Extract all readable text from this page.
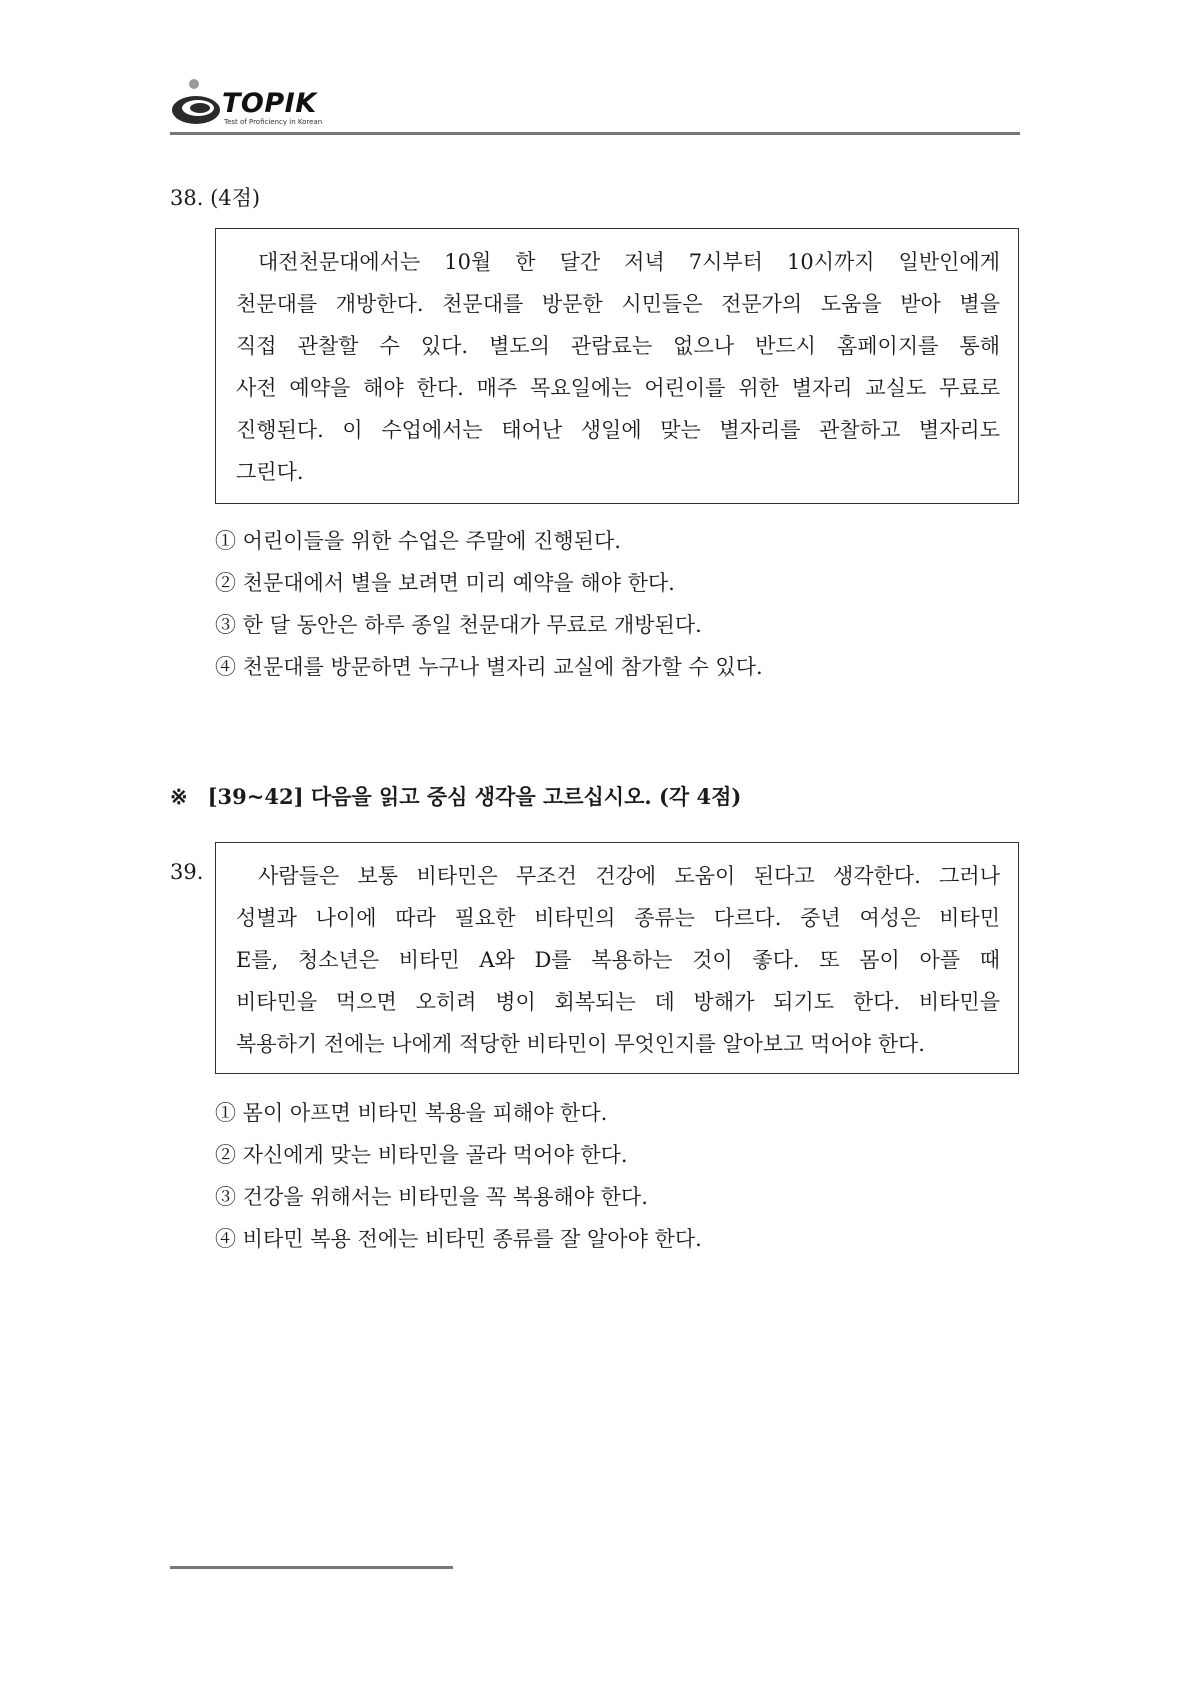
TOPIK
Test of Proficiency in Korean
38. (4점)
대전천문대에서는 10월 한 달간 저녁 7시부터 10시까지 일반인에게
천문대를 개방한다. 천문대를 방문한 시민들은 전문가의 도움을 받아 별을
직접 관찰할 수 있다. 별도의 관람료는 없으나 반드시 홈페이지를 통해
사전 예약을 해야 한다. 매주 목요일에는 어린이를 위한 별자리 교실도 무료로
진행된다. 이 수업에서는 태어난 생일에 맞는 별자리를 관찰하고 별자리도
그린다.
① 어린이들을 위한 수업은 주말에 진행된다.
② 천문대에서 별을 보려면 미리 예약을 해야 한다.
③ 한 달 동안은 하루 종일 천문대가 무료로 개방된다.
④ 천문대를 방문하면 누구나 별자리 교실에 참가할 수 있다.
※ [39~42] 다음을 읽고 중심 생각을 고르십시오. (각 4점)
39.	사람들은 보통 비타민은 무조건 건강에 도움이 된다고 생각한다. 그러나
성별과 나이에 따라 필요한 비타민의 종류는 다르다. 중년 여성은 비타민
E를, 청소년은 비타민 A와 D를 복용하는 것이 좋다. 또 몸이 아플 때
비타민을 먹으면 오히려 병이 회복되는 데 방해가 되기도 한다. 비타민을
복용하기 전에는 나에게 적당한 비타민이 무엇인지를 알아보고 먹어야 한다.
① 몸이 아프면 비타민 복용을 피해야 한다.
② 자신에게 맞는 비타민을 골라 먹어야 한다.
③ 건강을 위해서는 비타민을 꼭 복용해야 한다.
④ 비타민 복용 전에는 비타민 종류를 잘 알아야 한다.
